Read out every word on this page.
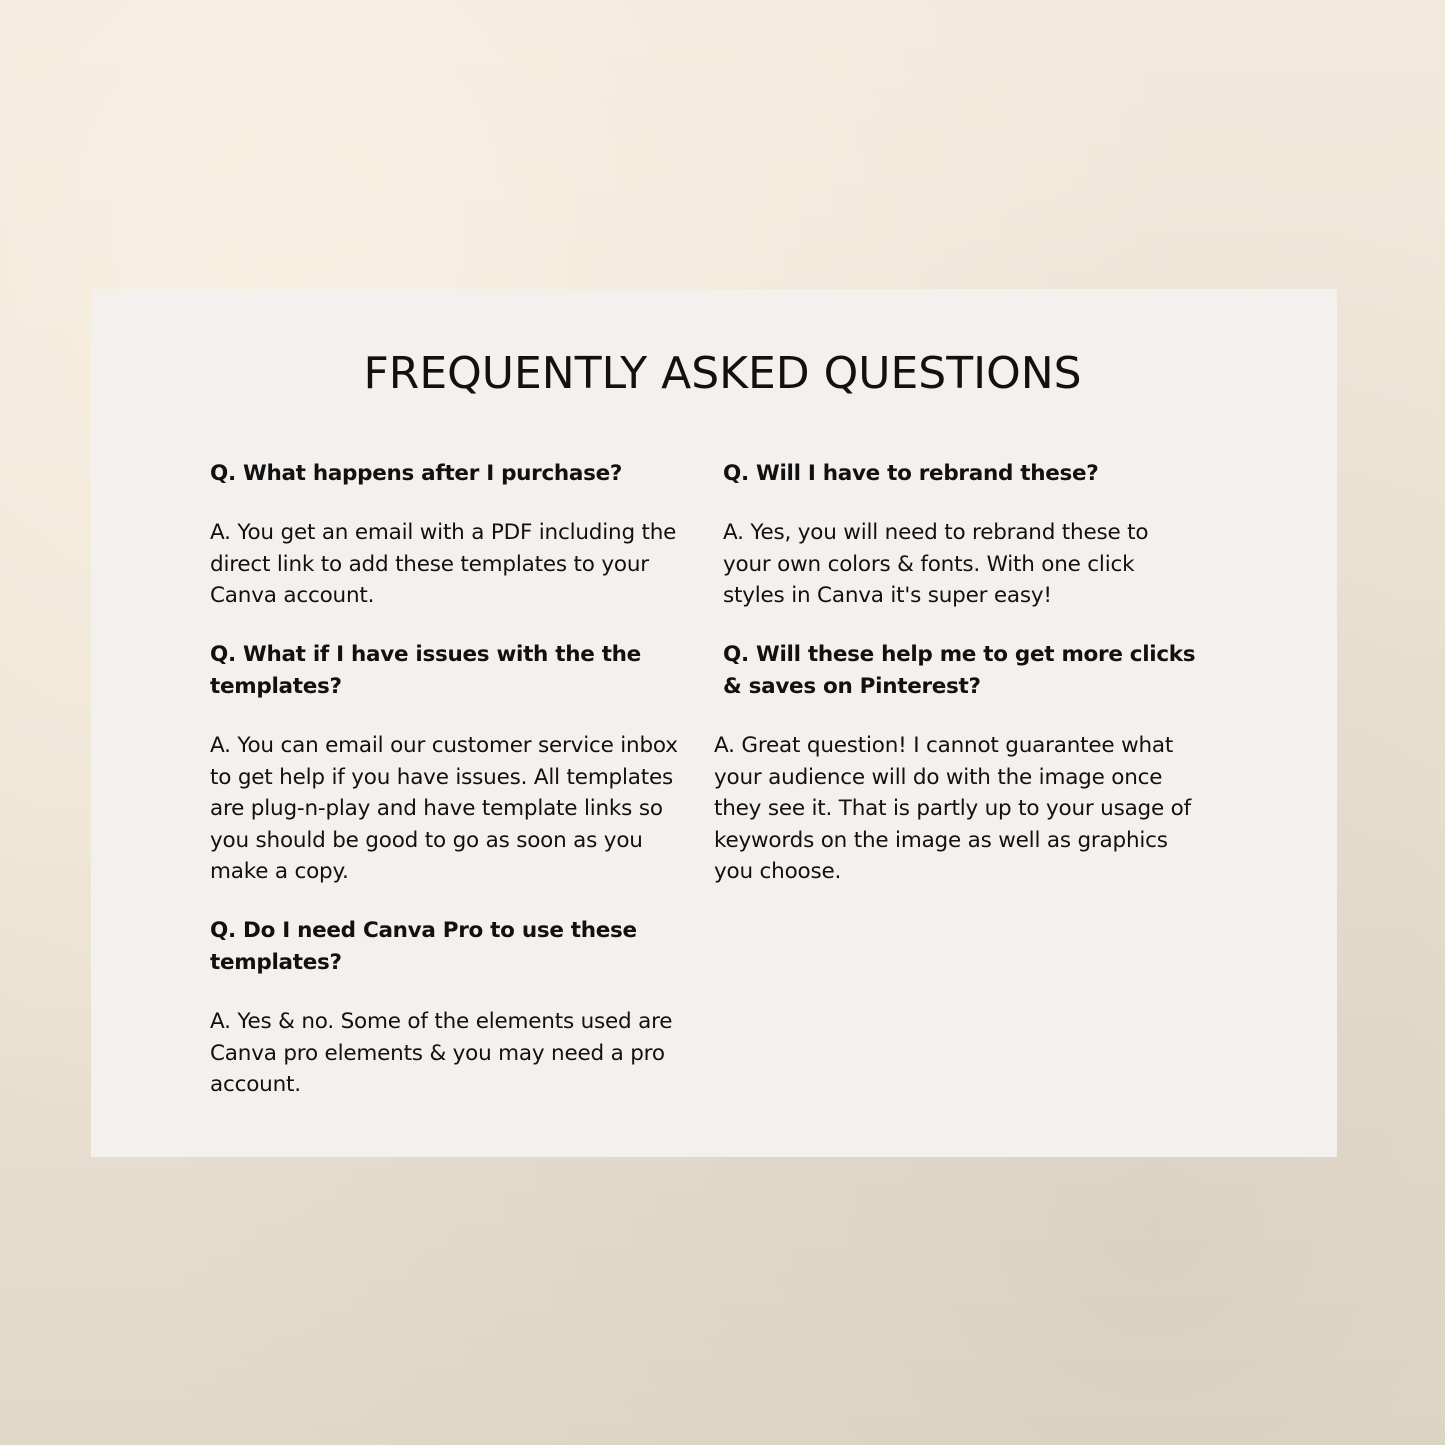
FREQUENTLY ASKED QUESTIONS

Q. What happens after I purchase?

A. You get an email with a PDF including the direct link to add these templates to your Canva account.

Q. What if I have issues with the the templates?

A. You can email our customer service inbox to get help if you have issues. All templates are plug-n-play and have template links so you should be good to go as soon as you make a copy.

Q. Do I need Canva Pro to use these templates?

A. Yes & no. Some of the elements used are Canva pro elements & you may need a pro account.

Q. Will I have to rebrand these?

A. Yes, you will need to rebrand these to your own colors & fonts. With one click styles in Canva it's super easy!

Q. Will these help me to get more clicks & saves on Pinterest?

A. Great question! I cannot guarantee what your audience will do with the image once they see it. That is partly up to your usage of keywords on the image as well as graphics you choose.
